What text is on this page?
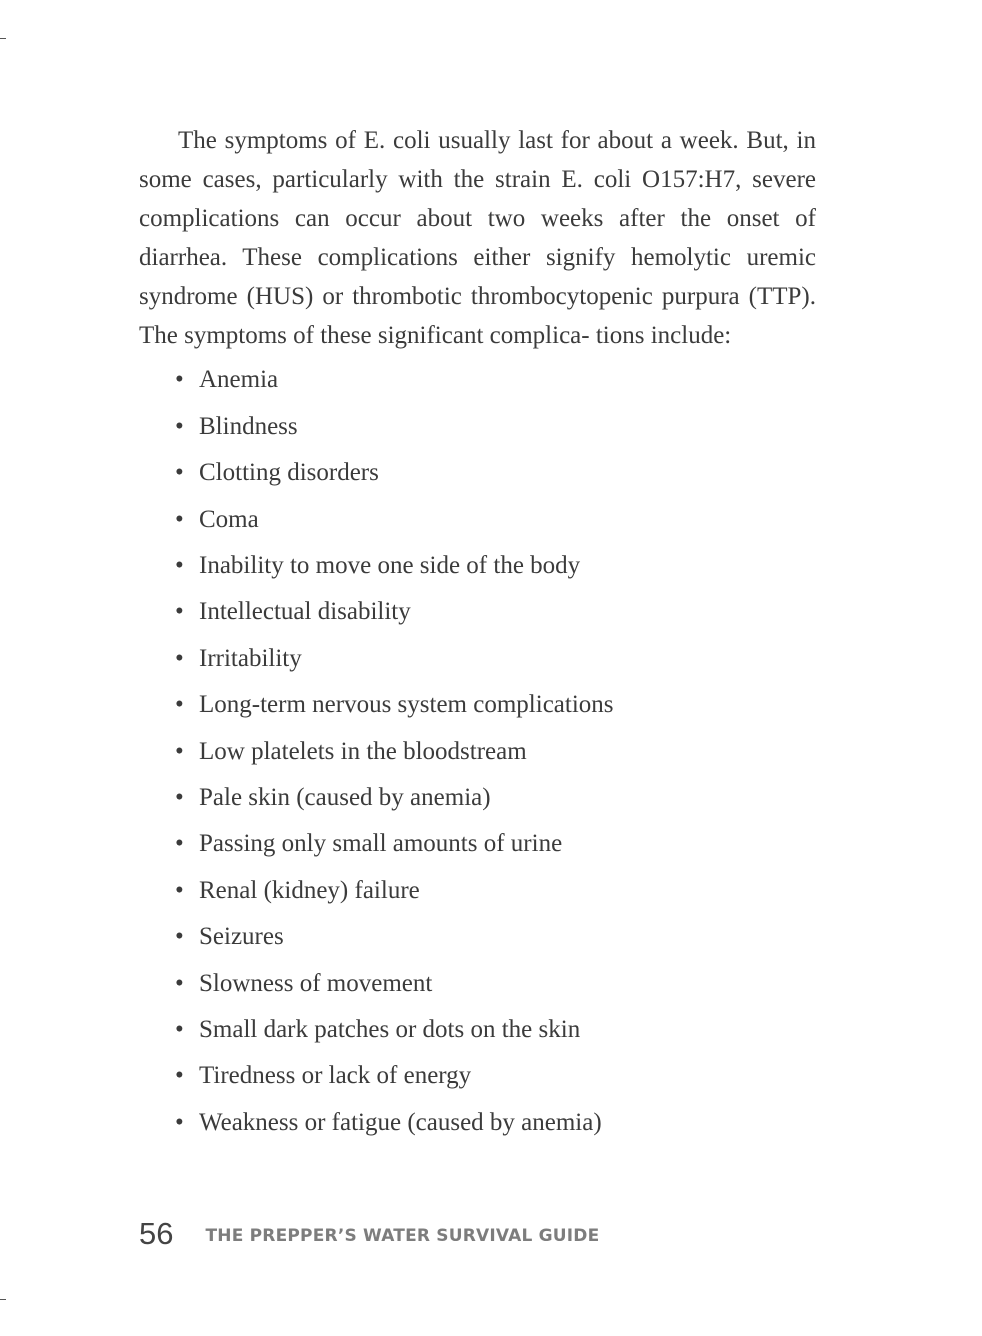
The symptoms of E. coli usually last for about a week. But, in some cases, particularly with the strain E. coli O157:H7, severe complications can occur about two weeks after the onset of diarrhea. These complications either signify hemolytic uremic syndrome (HUS) or thrombotic thrombocytopenic purpura (TTP). The symptoms of these significant complica‑ tions include:

• Anemia
• Blindness
• Clotting disorders
• Coma
• Inability to move one side of the body
• Intellectual disability
• Irritability
• Long-term nervous system complications
• Low platelets in the bloodstream
• Pale skin (caused by anemia)
• Passing only small amounts of urine
• Renal (kidney) failure
• Seizures
• Slowness of movement
• Small dark patches or dots on the skin
• Tiredness or lack of energy
• Weakness or fatigue (caused by anemia)
56 THE PREPPER’S WATER SURVIVAL GUIDE
